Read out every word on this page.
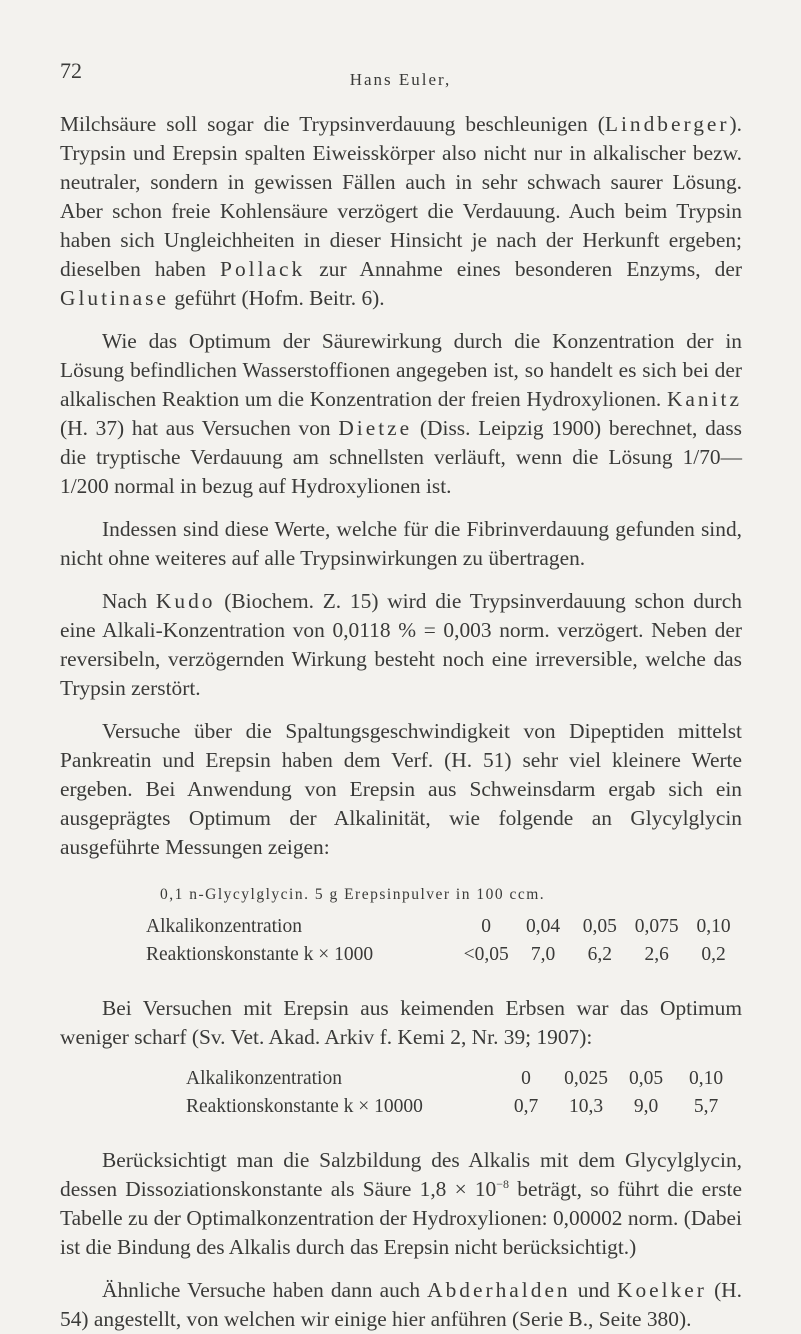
72	Hans Euler,

Milchsäure soll sogar die Trypsinverdauung beschleunigen (Lindberger). Trypsin und Erepsin spalten Eiweisskörper also nicht nur in alkalischer bezw. neutraler, sondern in gewissen Fällen auch in sehr schwach saurer Lösung. Aber schon freie Kohlensäure verzögert die Verdauung. Auch beim Trypsin haben sich Ungleichheiten in dieser Hinsicht je nach der Herkunft ergeben; dieselben haben Pollack zur Annahme eines besonderen Enzyms, der Glutinase geführt (Hofm. Beitr. 6).

Wie das Optimum der Säurewirkung durch die Konzentration der in Lösung befindlichen Wasserstoffionen angegeben ist, so handelt es sich bei der alkalischen Reaktion um die Konzentration der freien Hydroxylionen. Kanitz (H. 37) hat aus Versuchen von Dietze (Diss. Leipzig 1900) berechnet, dass die tryptische Verdauung am schnellsten verläuft, wenn die Lösung 1/70—1/200 normal in bezug auf Hydroxylionen ist.

Indessen sind diese Werte, welche für die Fibrinverdauung gefunden sind, nicht ohne weiteres auf alle Trypsinwirkungen zu übertragen.

Nach Kudo (Biochem. Z. 15) wird die Trypsinverdauung schon durch eine Alkali-Konzentration von 0,0118 % = 0,003 norm. verzögert. Neben der reversibeln, verzögernden Wirkung besteht noch eine irreversible, welche das Trypsin zerstört.

Versuche über die Spaltungsgeschwindigkeit von Dipeptiden mittelst Pankreatin und Erepsin haben dem Verf. (H. 51) sehr viel kleinere Werte ergeben. Bei Anwendung von Erepsin aus Schweinsdarm ergab sich ein ausgeprägtes Optimum der Alkalinität, wie folgende an Glycylglycin ausgeführte Messungen zeigen:

0,1 n-Glycylglycin. 5 g Erepsinpulver in 100 ccm.
Alkalikonzentration	0	0,04	0,05 0,075 0,10
Reaktionskonstante k × 1000	<0,05	7,0	6,2	2,6	0,2

Bei Versuchen mit Erepsin aus keimenden Erbsen war das Optimum weniger scharf (Sv. Vet. Akad. Arkiv f. Kemi 2, Nr. 39; 1907):

Alkalikonzentration	0	0,025	0,05	0,10
Reaktionskonstante k × 10000	0,7	10,3	9,0	5,7

Berücksichtigt man die Salzbildung des Alkalis mit dem Glycylglycin, dessen Dissoziationskonstante als Säure $1,8 \times 10^{-8}$ beträgt, so führt die erste Tabelle zu der Optimalkonzentration der Hydroxylionen: 0,00002 norm. (Dabei ist die Bindung des Alkalis durch das Erepsin nicht berücksichtigt.)

Ähnliche Versuche haben dann auch Abderhalden und Koelker (H. 54) angestellt, von welchen wir einige hier anführen (Serie B., Seite 380).
